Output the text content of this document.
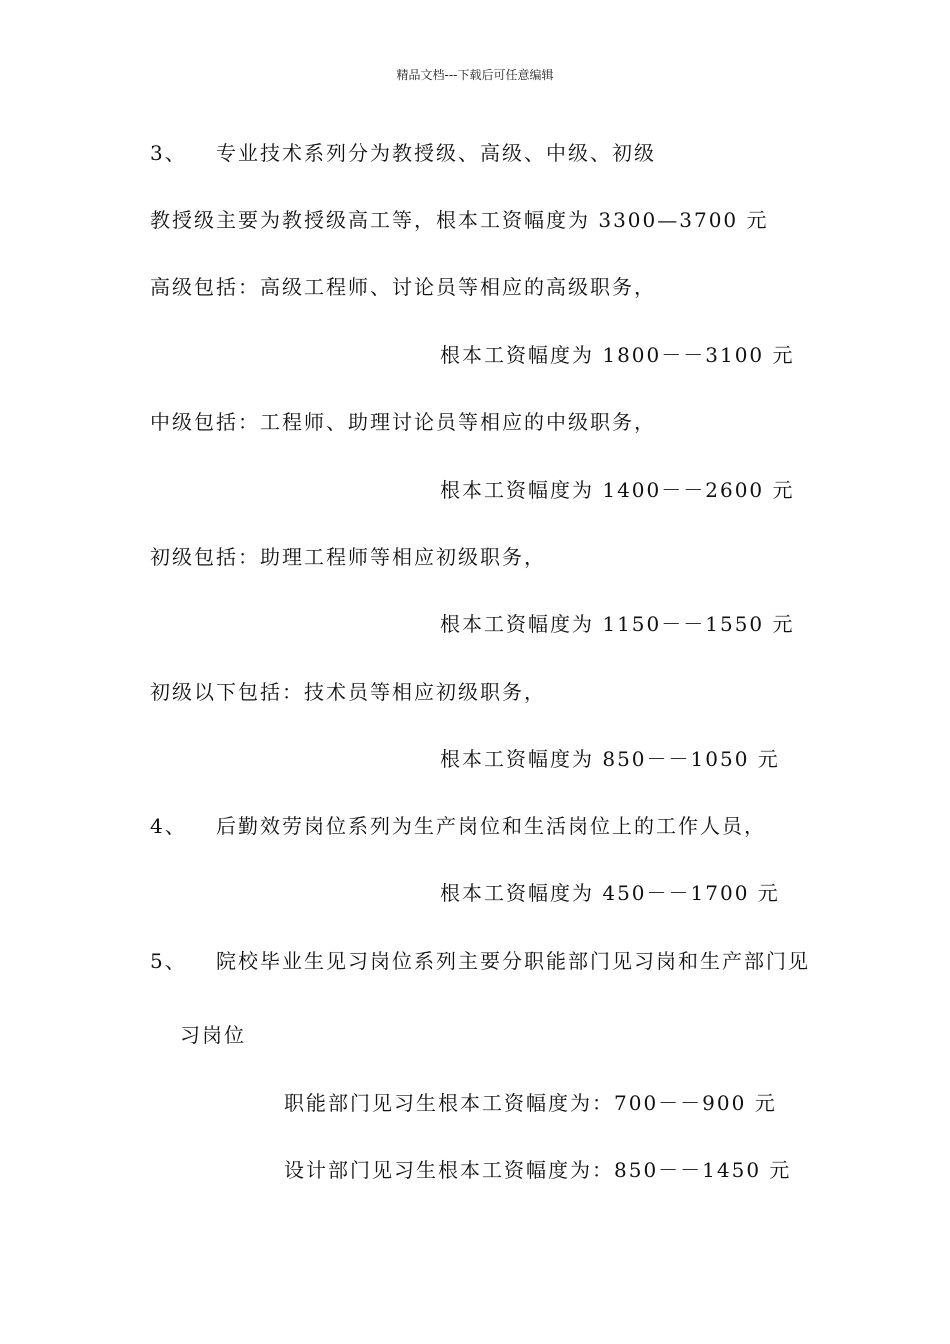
精品文档---下载后可任意编辑
3、 专业技术系列分为教授级、高级、中级、初级
教授级主要为教授级高工等，根本工资幅度为 3300—3700 元
高级包括：高级工程师、讨论员等相应的高级职务，
根本工资幅度为 1800－－3100 元
中级包括：工程师、助理讨论员等相应的中级职务，
根本工资幅度为 1400－－2600 元
初级包括：助理工程师等相应初级职务，
根本工资幅度为 1150－－1550 元
初级以下包括：技术员等相应初级职务，
根本工资幅度为 850－－1050 元
4、 后勤效劳岗位系列为生产岗位和生活岗位上的工作人员，
根本工资幅度为 450－－1700 元
5、 院校毕业生见习岗位系列主要分职能部门见习岗和生产部门见
习岗位
职能部门见习生根本工资幅度为：700－－900 元
设计部门见习生根本工资幅度为：850－－1450 元
